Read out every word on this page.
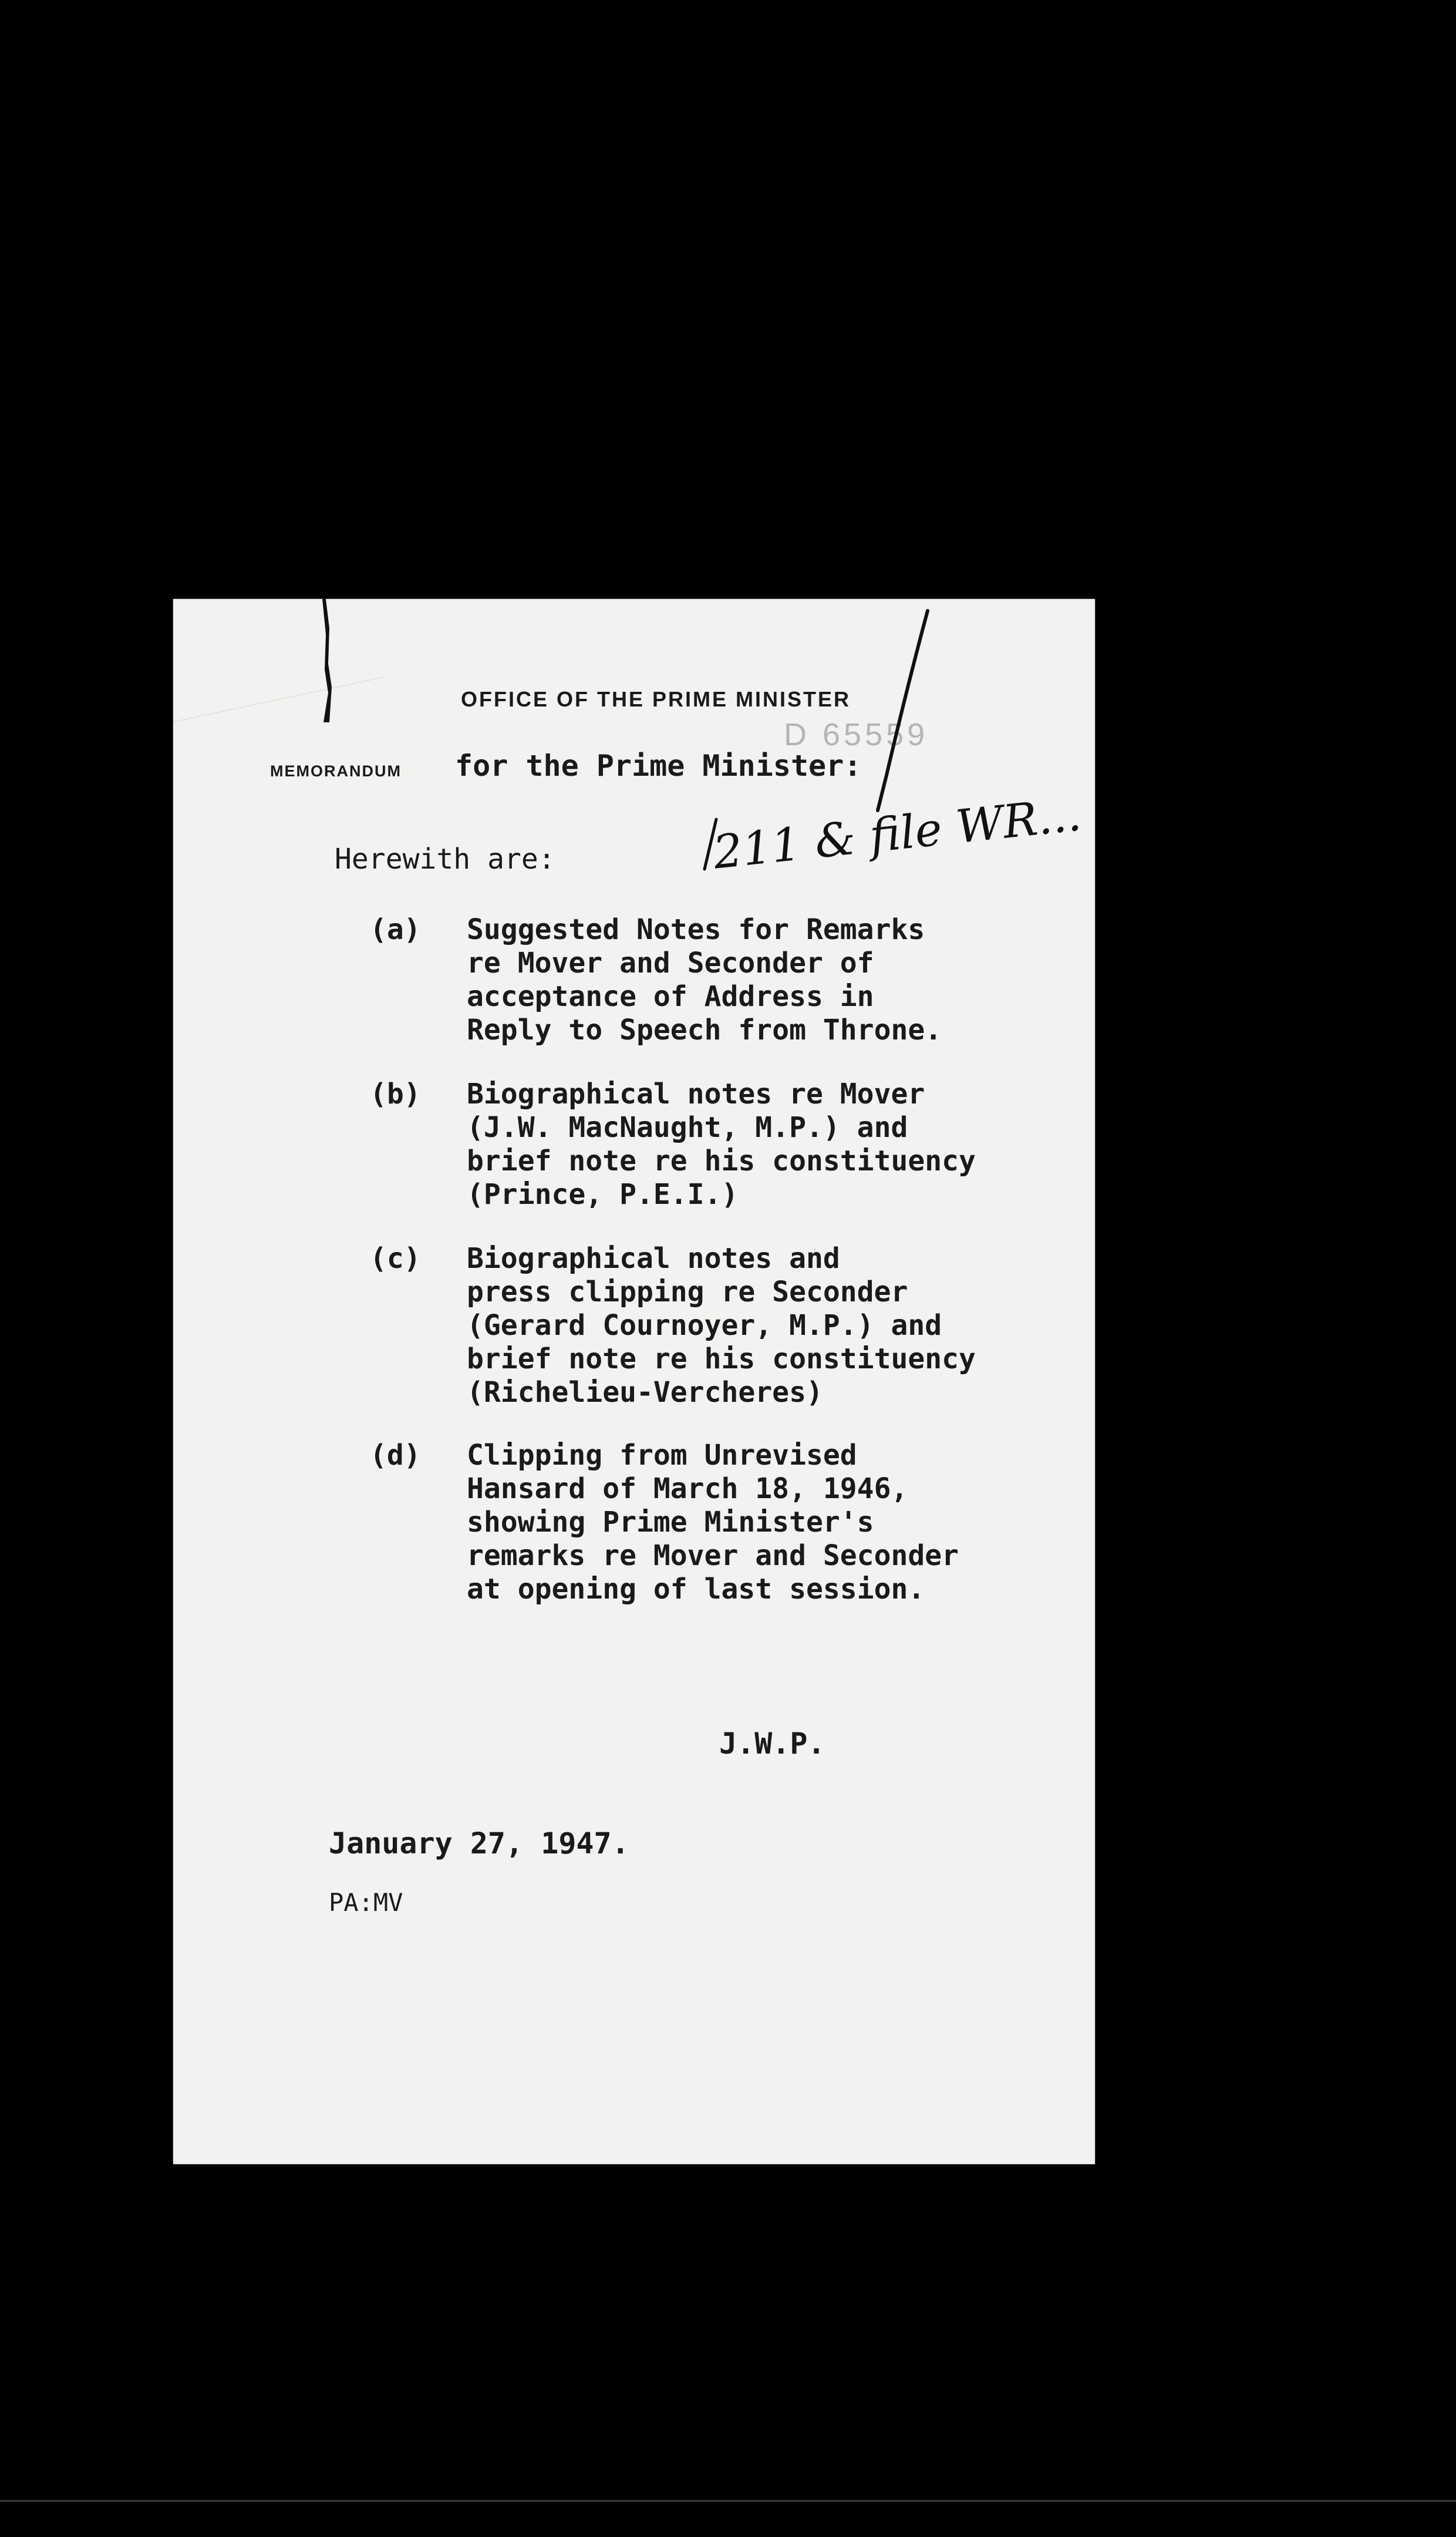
OFFICE OF THE PRIME MINISTER
MEMORANDUM for the Prime Minister:
D 65559
Herewith are:
(a) Suggested Notes for Remarks
re Mover and Seconder of
acceptance of Address in
Reply to Speech from Throne.
(b) Biographical notes re Mover
(J.W. MacNaught, M.P.) and
brief note re his constituency
(Prince, P.E.I.)
(c) Biographical notes and
press clipping re Seconder
(Gerard Cournoyer, M.P.) and
brief note re his constituency
(Richelieu-Vercheres)
(d) Clipping from Unrevised
Hansard of March 18, 1946,
showing Prime Minister's
remarks re Mover and Seconder
at opening of last session.
J.W.P.
January 27, 1947.
PA:MV
211 & file WR...
